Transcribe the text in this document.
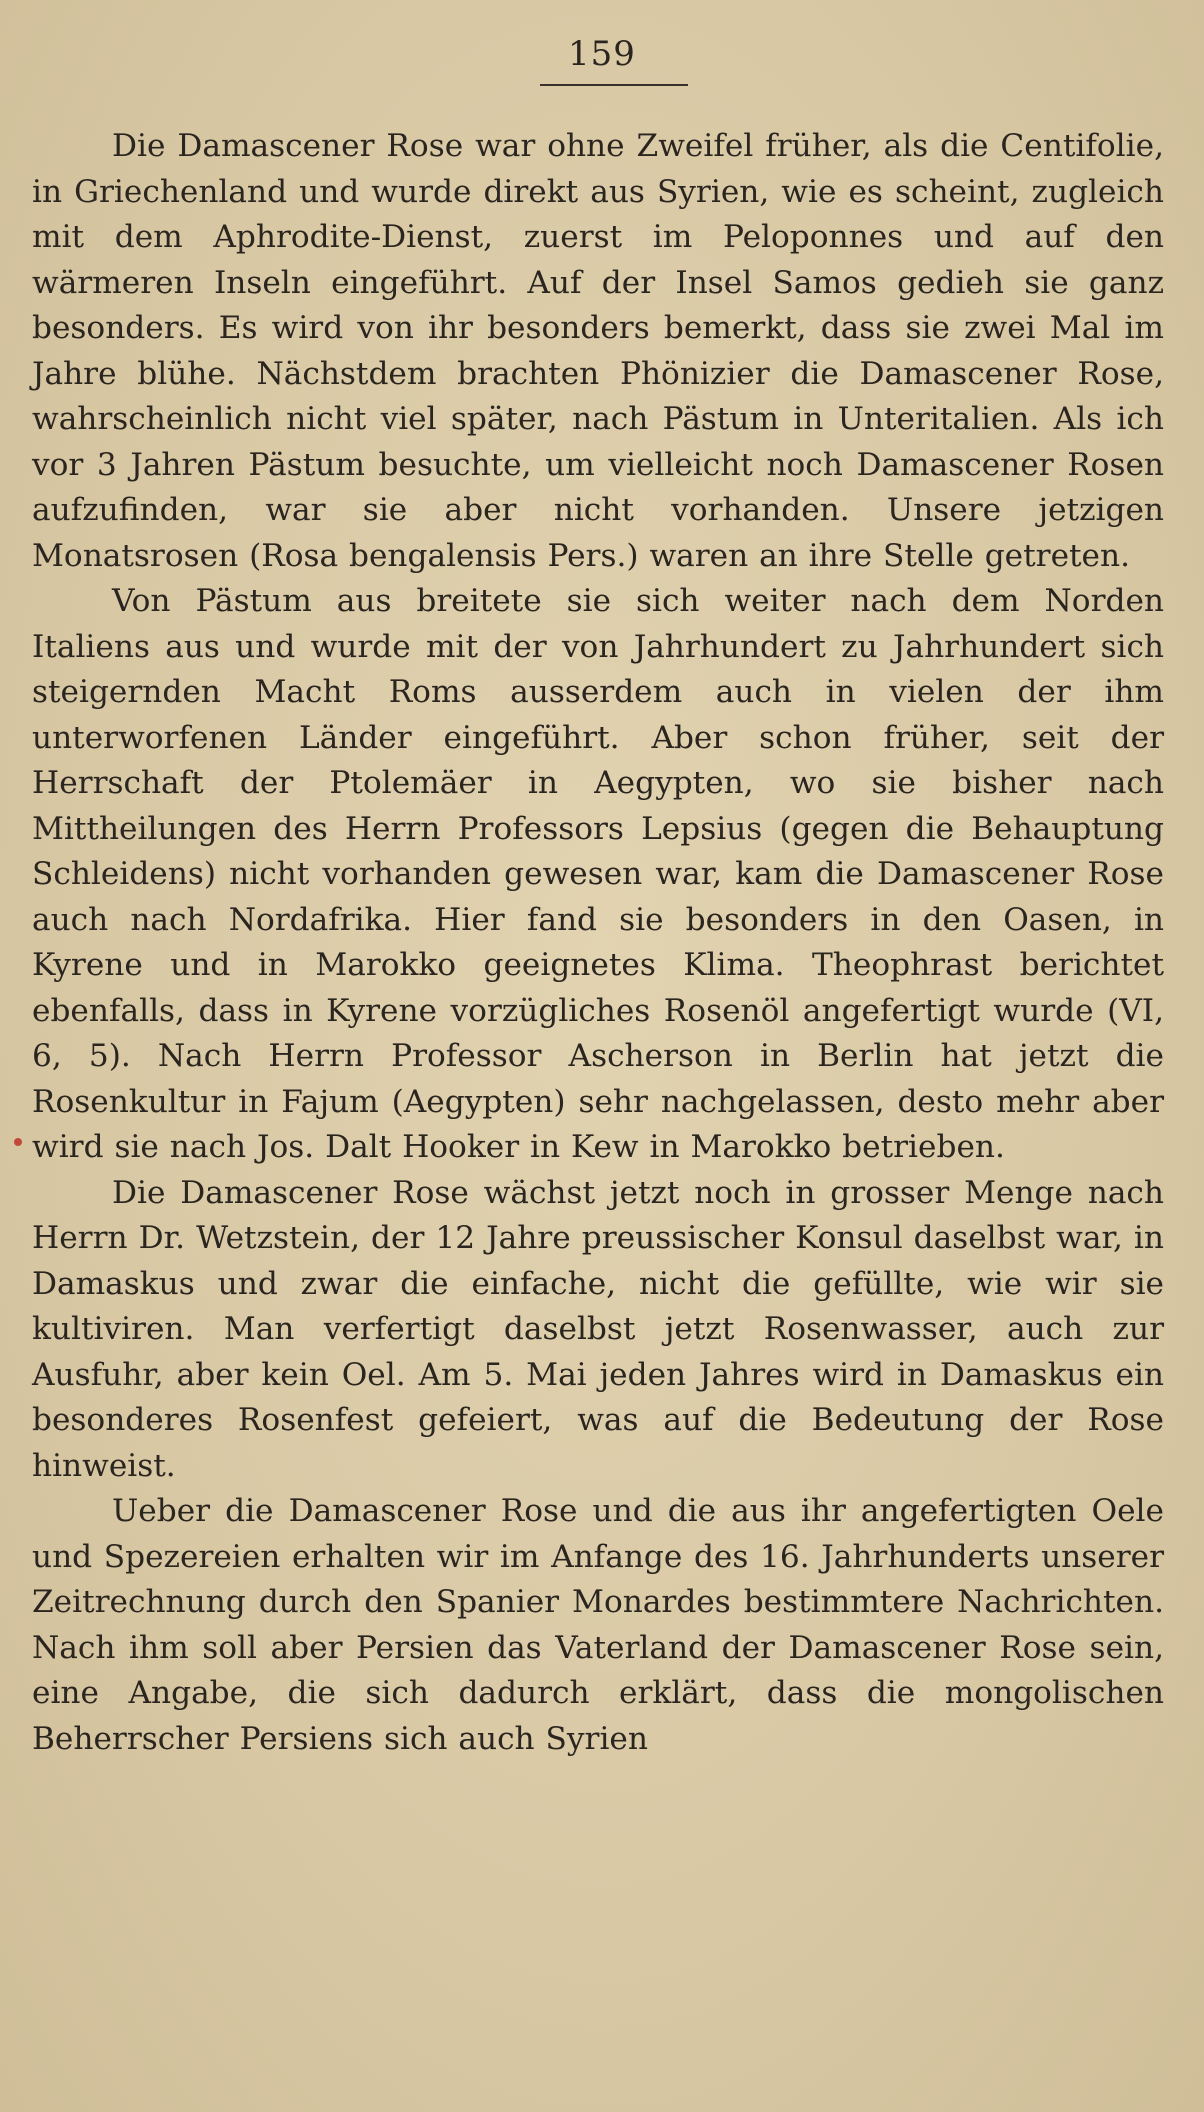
159

Die Damascener Rose war ohne Zweifel früher, als die Centifolie, in Griechenland und wurde direkt aus Syrien, wie es scheint, zugleich mit dem Aphrodite-Dienst, zuerst im Peloponnes und auf den wärmeren Inseln eingeführt. Auf der Insel Samos gedieh sie ganz besonders. Es wird von ihr besonders bemerkt, dass sie zwei Mal im Jahre blühe. Nächstdem brachten Phönizier die Damascener Rose, wahrscheinlich nicht viel später, nach Pästum in Unteritalien. Als ich vor 3 Jahren Pästum besuchte, um vielleicht noch Damascener Rosen aufzufinden, war sie aber nicht vorhanden. Unsere jetzigen Monatsrosen (Rosa bengalensis Pers.) waren an ihre Stelle getreten.

Von Pästum aus breitete sie sich weiter nach dem Norden Italiens aus und wurde mit der von Jahrhundert zu Jahrhundert sich steigernden Macht Roms ausserdem auch in vielen der ihm unterworfenen Länder eingeführt. Aber schon früher, seit der Herrschaft der Ptolemäer in Aegypten, wo sie bisher nach Mittheilungen des Herrn Professors Lepsius (gegen die Behauptung Schleidens) nicht vorhanden gewesen war, kam die Damascener Rose auch nach Nordafrika. Hier fand sie besonders in den Oasen, in Kyrene und in Marokko geeignetes Klima. Theophrast berichtet ebenfalls, dass in Kyrene vorzügliches Rosenöl angefertigt wurde (VI, 6, 5). Nach Herrn Professor Ascherson in Berlin hat jetzt die Rosenkultur in Fajum (Aegypten) sehr nachgelassen, desto mehr aber wird sie nach Jos. Dalt Hooker in Kew in Marokko betrieben.

Die Damascener Rose wächst jetzt noch in grosser Menge nach Herrn Dr. Wetzstein, der 12 Jahre preussischer Konsul daselbst war, in Damaskus und zwar die einfache, nicht die gefüllte, wie wir sie kultiviren. Man verfertigt daselbst jetzt Rosenwasser, auch zur Ausfuhr, aber kein Oel. Am 5. Mai jeden Jahres wird in Damaskus ein besonderes Rosenfest gefeiert, was auf die Bedeutung der Rose hinweist.

Ueber die Damascener Rose und die aus ihr angefertigten Oele und Spezereien erhalten wir im Anfange des 16. Jahrhunderts unserer Zeitrechnung durch den Spanier Monardes bestimmtere Nachrichten. Nach ihm soll aber Persien das Vaterland der Damascener Rose sein, eine Angabe, die sich dadurch erklärt, dass die mongolischen Beherrscher Persiens sich auch Syrien
